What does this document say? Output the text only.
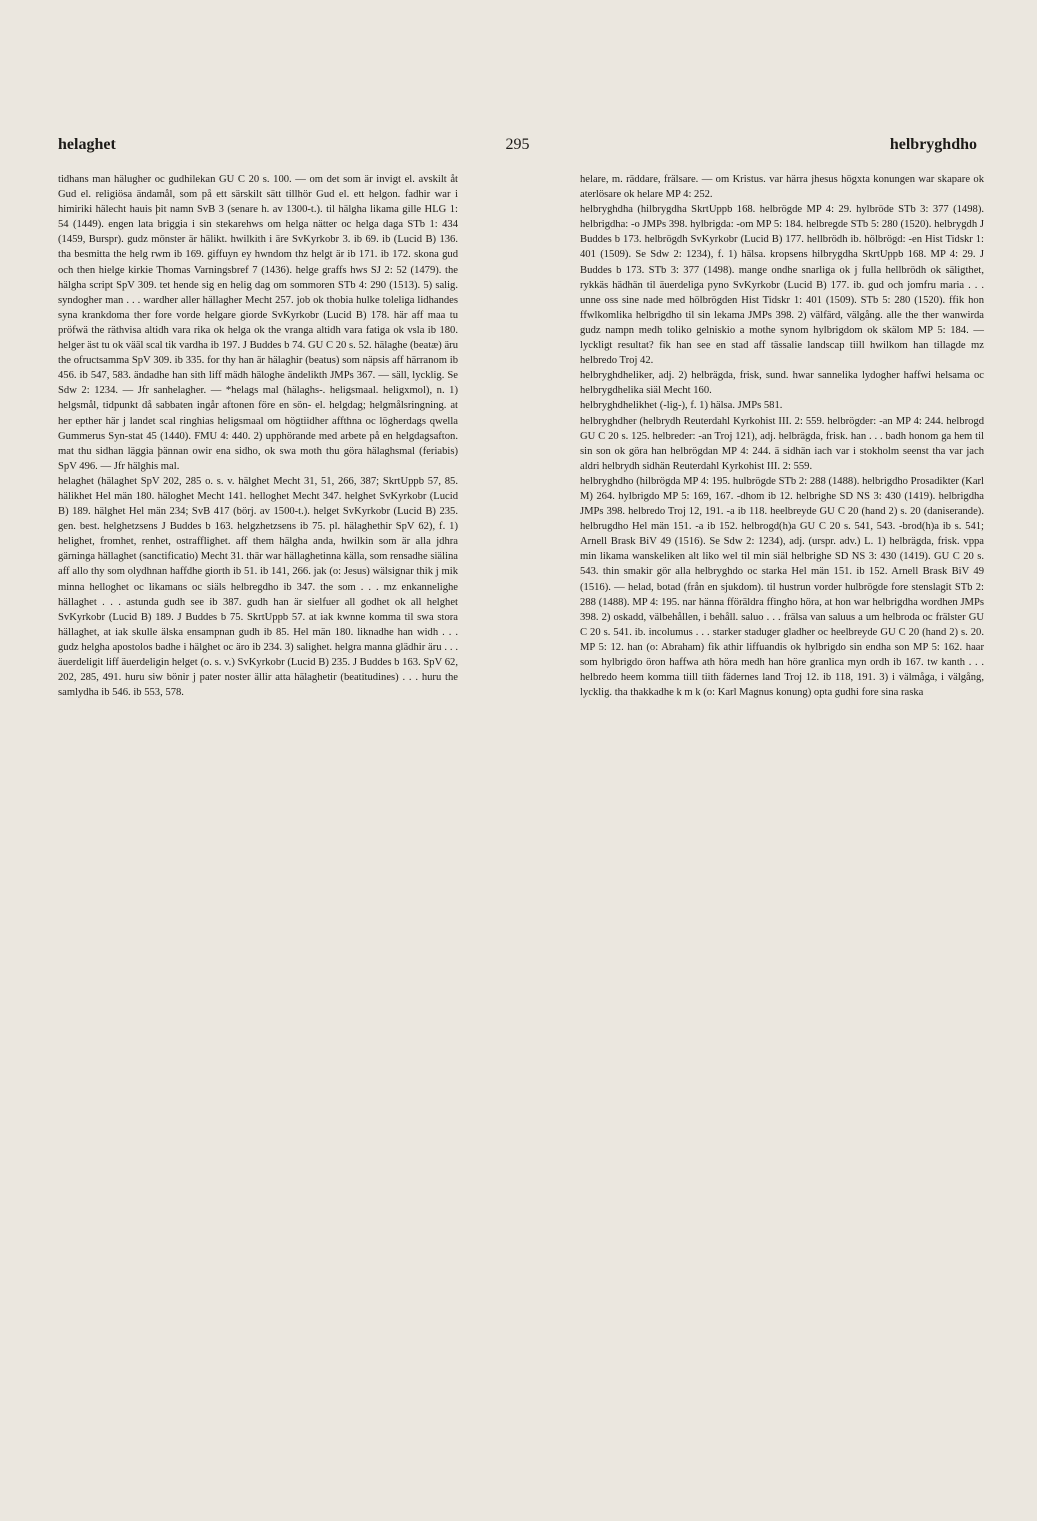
helaghet	295	helbryghdho

tidhans man hälugher oc gudhilekan GU C 20 s. 100. — om det som är invigt el. avskilt åt Gud el. religiösa ändamål, som på ett särskilt sätt tillhör Gud el. ett helgon. fadhir war i himiriki hälecht hauis þit namn SvB 3 (senare h. av 1300-t.). til hälgha likama gille HLG 1: 54 (1449). engen lata briggia i sin stekarehws om helga nätter oc helga daga STb 1: 434 (1459, Burspr). gudz mönster är hälikt. hwilkith i äre SvKyrkobr 3. ib 69. ib (Lucid B) 136. tha besmitta the helg rwm ib 169. giffuyn ey hwndom thz helgt är ib 171. ib 172. skona gud och then hielge kirkie Thomas Varningsbref 7 (1436). helge graffs hws SJ 2: 52 (1479). the hälgha script SpV 309. tet hende sig en helig dag om sommoren STb 4: 290 (1513). 5) salig. syndogher man . . . wardher aller hällagher Mecht 257. job ok thobia hulke toleliga lidhandes syna krankdoma ther fore vorde helgare giorde SvKyrkobr (Lucid B) 178. här aff maa tu pröfwä the räthvisa altidh vara rika ok helga ok the vranga altidh vara fatiga ok vsla ib 180. helger äst tu ok vääl scal tik vardha ib 197. J Buddes b 74. GU C 20 s. 52. hälaghe (beatæ) äru the ofructsamma SpV 309. ib 335. for thy han är hälaghir (beatus) som näpsis aff härranom ib 456. ib 547, 583. ändadhe han sith liff mädh häloghe ändelikth JMPs 367. — säll, lycklig. Se Sdw 2: 1234. — Jfr sanhelagher. — *helags mal (hälaghs-. heligsmaal. heligxmol), n. 1) helgsmål, tidpunkt då sabbaten ingår aftonen före en sön- el. helgdag; helgmålsringning. at her epther här j landet scal ringhias heligsmaal om högtiidher affthna oc lögherdags qwella Gummerus Syn-stat 45 (1440). FMU 4: 440. 2) upphörande med arbete på en helgdagsafton. mat thu sidhan läggia þännan owir ena sidho, ok swa moth thu göra hälaghsmal (feriabis) SpV 496. — Jfr hälghis mal.

helaghet (hälaghet SpV 202, 285 o. s. v. hälghet Mecht 31, 51, 266, 387; SkrtUppb 57, 85. hälikhet Hel män 180. häloghet Mecht 141. helloghet Mecht 347. helghet SvKyrkobr (Lucid B) 189. hälghet Hel män 234; SvB 417 (börj. av 1500-t.). helget SvKyrkobr (Lucid B) 235. gen. best. helghetzsens J Buddes b 163. helgzhetzsens ib 75. pl. hälaghethir SpV 62), f. 1) helighet, fromhet, renhet, ostrafflighet. aff them hälgha anda, hwilkin som är alla jdhra gärninga hällaghet (sanctificatio) Mecht 31. thär war hällaghetinna källa, som rensadhe siälina aff allo thy som olydhnan haffdhe giorth ib 51. ib 141, 266. jak (o: Jesus) wälsignar thik j mik minna helloghet oc likamans oc siäls helbregdho ib 347. the som . . . mz enkannelighe hällaghet . . . astunda gudh see ib 387. gudh han är sielfuer all godhet ok all helghet SvKyrkobr (Lucid B) 189. J Buddes b 75. SkrtUppb 57. at iak kwnne komma til swa stora hällaghet, at iak skulle älska ensampnan gudh ib 85. Hel män 180. liknadhe han widh . . . gudz helgha apostolos badhe i hälghet oc äro ib 234. 3) salighet. helgra manna glädhir äru . . . äuerdeligit liff äuerdeligin helget (o. s. v.) SvKyrkobr (Lucid B) 235. J Buddes b 163. SpV 62, 202, 285, 491. huru siw bönir j pater noster ällir atta hälaghetir (beatitudines) . . . huru the samlydha ib 546. ib 553, 578.

helare, m. räddare, frälsare. — om Kristus. var härra jhesus högxta konungen war skapare ok aterlösare ok helare MP 4: 252.

helbryghdha (hilbrygdha SkrtUppb 168. helbrögde MP 4: 29. hylbröde STb 3: 377 (1498). helbrigdha: -o JMPs 398. hylbrigda: -om MP 5: 184. helbregde STb 5: 280 (1520). helbrygdh J Buddes b 173. helbrögdh SvKyrkobr (Lucid B) 177. hellbrödh ib. hölbrögd: -en Hist Tidskr 1: 401 (1509). Se Sdw 2: 1234), f. 1) hälsa. kropsens hilbrygdha SkrtUppb 168. MP 4: 29. J Buddes b 173. STb 3: 377 (1498). mange ondhe snarliga ok j fulla hellbrödh ok säligthet, rykkäs hädhän til äuerdeliga pyno SvKyrkobr (Lucid B) 177. ib. gud och jomfru maria . . . unne oss sine nade med hölbrögden Hist Tidskr 1: 401 (1509). STb 5: 280 (1520). ffik hon ffwlkomlika helbrigdho til sin lekama JMPs 398. 2) välfärd, välgång. alle the ther wanwirda gudz nampn medh toliko gelniskio a mothe synom hylbrigdom ok skälom MP 5: 184. — lyckligt resultat? fik han see en stad aff tässalie landscap tiill hwilkom han tillagde mz helbredo Troj 42.

helbryghdheliker, adj. 2) helbrägda, frisk, sund. hwar sannelika lydogher haffwi helsama oc helbrygdhelika siäl Mecht 160.

helbryghdhelikhet (-lig-), f. 1) hälsa. JMPs 581.

helbryghdher (helbrydh Reuterdahl Kyrkohist III. 2: 559. helbrögder: -an MP 4: 244. helbrogd GU C 20 s. 125. helbreder: -an Troj 121), adj. helbrägda, frisk. han . . . badh honom ga hem til sin son ok göra han helbrögdan MP 4: 244. ä sidhän iach var i stokholm seenst tha var jach aldri helbrydh sidhän Reuterdahl Kyrkohist III. 2: 559.

helbryghdho (hilbrögda MP 4: 195. hulbrögde STb 2: 288 (1488). helbrigdho Prosadikter (Karl M) 264. hylbrigdo MP 5: 169, 167. -dhom ib 12. helbrighe SD NS 3: 430 (1419). helbrigdha JMPs 398. helbredo Troj 12, 191. -a ib 118. heelbreyde GU C 20 (hand 2) s. 20 (daniserande). helbrugdho Hel män 151. -a ib 152. helbrogd(h)a GU C 20 s. 541, 543. -brod(h)a ib s. 541; Arnell Brask BiV 49 (1516). Se Sdw 2: 1234), adj. (urspr. adv.) L. 1) helbrägda, frisk. vppa min likama wanskeliken alt liko wel til min siäl helbrighe SD NS 3: 430 (1419). GU C 20 s. 543. thin smakir gör alla helbryghdo oc starka Hel män 151. ib 152. Arnell Brask BiV 49 (1516). — helad, botad (från en sjukdom). til hustrun vorder hulbrögde fore stenslagit STb 2: 288 (1488). MP 4: 195. nar hänna fföräldra ffingho höra, at hon war helbrigdha wordhen JMPs 398. 2) oskadd, välbehållen, i behåll. saluo . . . frälsa van saluus a um helbroda oc frälster GU C 20 s. 541. ib. incolumus . . . starker staduger gladher oc heelbreyde GU C 20 (hand 2) s. 20. MP 5: 12. han (o: Abraham) fik athir liffuandis ok hylbrigdo sin endha son MP 5: 162. haar som hylbrigdo öron haffwa ath höra medh han höre granlica myn ordh ib 167. tw kanth . . . helbredo heem komma tiill tiith fädernes land Troj 12. ib 118, 191. 3) i välmåga, i välgång, lycklig. tha thakkadhe k m k (o: Karl Magnus konung) opta gudhi fore sina raska
